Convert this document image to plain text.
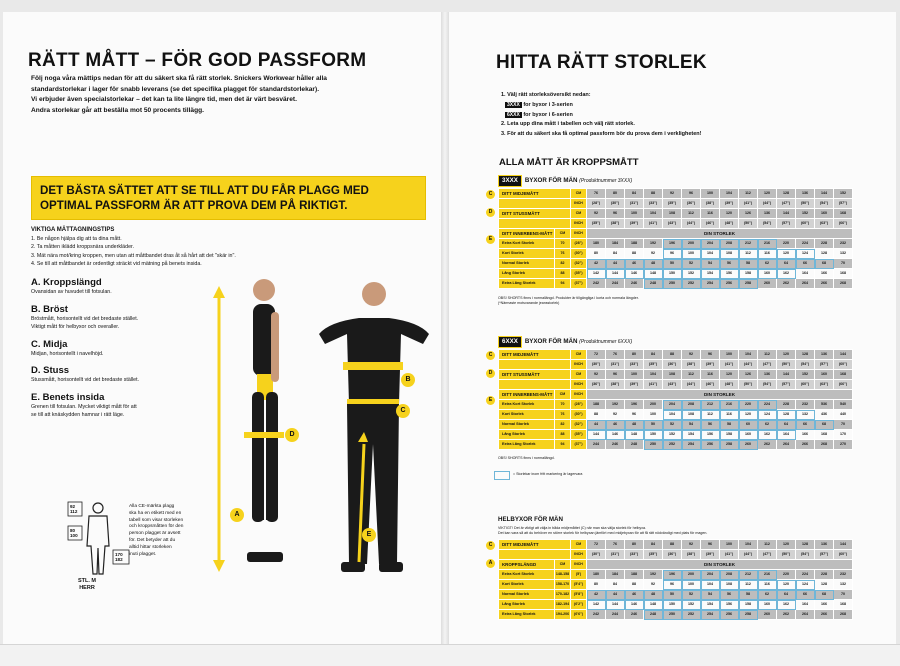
RÄTT MÅTT – FÖR GOD PASSFORM
Följ noga våra mättips nedan för att du säkert ska få rätt storlek. Snickers Workwear håller alla
standardstorlekar i lager för snabb leverans (se det specifika plagget för standardstorlekar).
Vi erbjuder även specialstorlekar – det kan ta lite längre tid, men det är värt besväret.
Andra storlekar går att beställa mot 50 procents tillägg.
DET BÄSTA SÄTTET ATT SE TILL ATT DU FÅR PLAGG MED
OPTIMAL PASSFORM ÄR ATT PROVA DEM PÅ RIKTIGT.
VIKTIGA MÄTTAGNINGSTIPS
1. Be någon hjälpa dig att ta dina mått.
2. Ta måtten iklädd kroppsnära underkläder.
3. Mät nära mot/kring kroppen, men utan att måttbandet dras åt så hårt att det "skär in".
4. Se till att måttbandet är ordentligt sträckt vid mätning på benets insida.
A. Kroppslängd
Ovansidan av huvudet till fotsulan.
B. Bröst
Bröstmått, horisontellt vid det bredaste stället.
Viktigt mått för helbyxor och overaller.
C. Midja
Midjan, horisontellt i navelhöjd.
D. Stuss
Stussmått, horisontellt vid det bredaste stället.
E. Benets insida
Grenen till fotsulan. Mycket viktigt mått för att
se till att knäskydden hamnar i rätt läge.
A
B
C
D
E
92
112
80
100
170
182
STL. M
HERR
Alla CE-märkta plagg
ska ha en etikett med en
tabell som visar storleken
och kroppsmåtten för den
person plagget är avsett
för. Det betyder att du
alltid hittar storleken
inuti plagget.
HITTA RÄTT STORLEK
1. Välj rätt storleksöversikt nedan:
3XXX for byxor i 3-serien
6XXX for byxor i 6-serien
2. Leta upp dina mått i tabellen och välj rätt storlek.
3. För att du säkert ska få optimal passform bör du prova dem i verkligheten!
ALLA MÅTT ÄR KROPPSMÅTT
3XXX BYXOR FÖR MÄN (Produktnummer 3XXX)
DITT MIDJEMÅTT		CM	76	80	84	88	92	96	100	104	112	120	128	136	144	152
		INCH	(28")	(30")	(31")	(33")	(35")	(36")	(38")	(39")	(41")	(44")	(47")	(50")	(54")	(57")
DITT STUSSMÅTT		CM	92	96	100	104	108	112	116	120	126	136	144	152	160	168
		INCH	(35")	(38")	(39")	(41")	(43")	(44")	(46")	(48")	(50")	(54")	(57")	(60")	(63")	(66")
DITT INNERBENS-MÅTT	CM	INCH	DIN STORLEK													
Extra Kort Storlek	70	(28")	180	184	188	192	196	200	204	208	212	216	220	224	228	232
Kort Storlek	76	(30")	80	84	88	92	96	100	104	108	112	116	120	124	128	132
Normal Storlek	82	(32")	42	44	46	48	50	52	54	56	58	62	64	66	68	70
Lång Storlek	88	(35")	142	144	146	148	150	152	154	156	158	160	162	164	166	168
Extra Lång Storlek	94	(37")	242	244	246	248	250	252	254	256	258	260	262	264	266	268
OBS! SHORTS finns i normallängd. Produkter är tillgängliga i korta och normala längder.
(*Närmaste motsvarande jeansstorlek)
6XXX BYXOR FÖR MÄN (Produktnummer 6XXX)
DITT MIDJEMÅTT		CM	72	76	80	84	88	92	96	100	104	112	120	128	136	144
		INCH	(30")	(31")	(33")	(35")	(36")	(38")	(39")	(41")	(44")	(47")	(50")	(54")	(57")	(60")
DITT STUSSMÅTT		CM	92	96	100	104	108	112	116	120	126	136	144	152	160	168
		INCH	(36")	(38")	(39")	(41")	(43")	(44")	(46")	(48")	(50")	(54")	(57")	(60")	(63")	(66")
DITT INNERBENS-MÅTT	CM	INCH	DIN STORLEK													
Extra Kort Storlek	70	(28")	188	192	196	200	204	208	212	216	220	224	228	232	536	540
Kort Storlek	76	(30")	88	92	96	100	104	108	112	116	120	124	128	132	436	440
Normal Storlek	82	(32")	44	46	48	50	52	54	56	58	60	62	64	66	68	70
Lång Storlek	88	(35")	144	146	148	150	152	154	156	158	160	162	164	166	168	170
Extra Lång Storlek	94	(37")	244	246	248	250	252	254	256	258	260	262	264	266	268	270
OBS! SHORTS finns i normallängd.
= Storlekar inom fritt markering är lagervara
HELBYXOR FÖR MÄN
VIKTIGT! Det är viktigt att välja in båda midjemåttet (C) när man ska välja storlek för helbyxa.
Det kan vara så att du behöver en större storlek för helbyxan jämfört med midjebyxan för att få rätt nödvändigt med plats för magen.
DITT MIDJEMÅTT		CM	72	76	80	84	88	92	96	100	104	112	120	128	136	144
		INCH	(30")	(31")	(33")	(35")	(36")	(38")	(39")	(41")	(44")	(47")	(50")	(54")	(57")	(60")
KROPPSLÄNGD	CM	INCH	DIN STORLEK													
Extra Kort Storlek	148-158	(5')	180	184	188	192	196	200	204	208	212	216	220	224	228	232
Kort Storlek	158-170	(5'4")	80	84	88	92	96	100	104	108	112	116	120	124	128	132
Normal Storlek	170-182	(5'8")	42	44	46	48	50	52	54	56	58	62	64	66	68	70
Lång Storlek	182-194	(6'2")	142	144	146	148	150	152	154	156	158	160	162	164	166	168
Extra Lång Storlek	194-206	(6'6")	242	244	246	248	250	252	254	256	258	260	262	264	266	268
C
D
E
C
D
E
C
A
